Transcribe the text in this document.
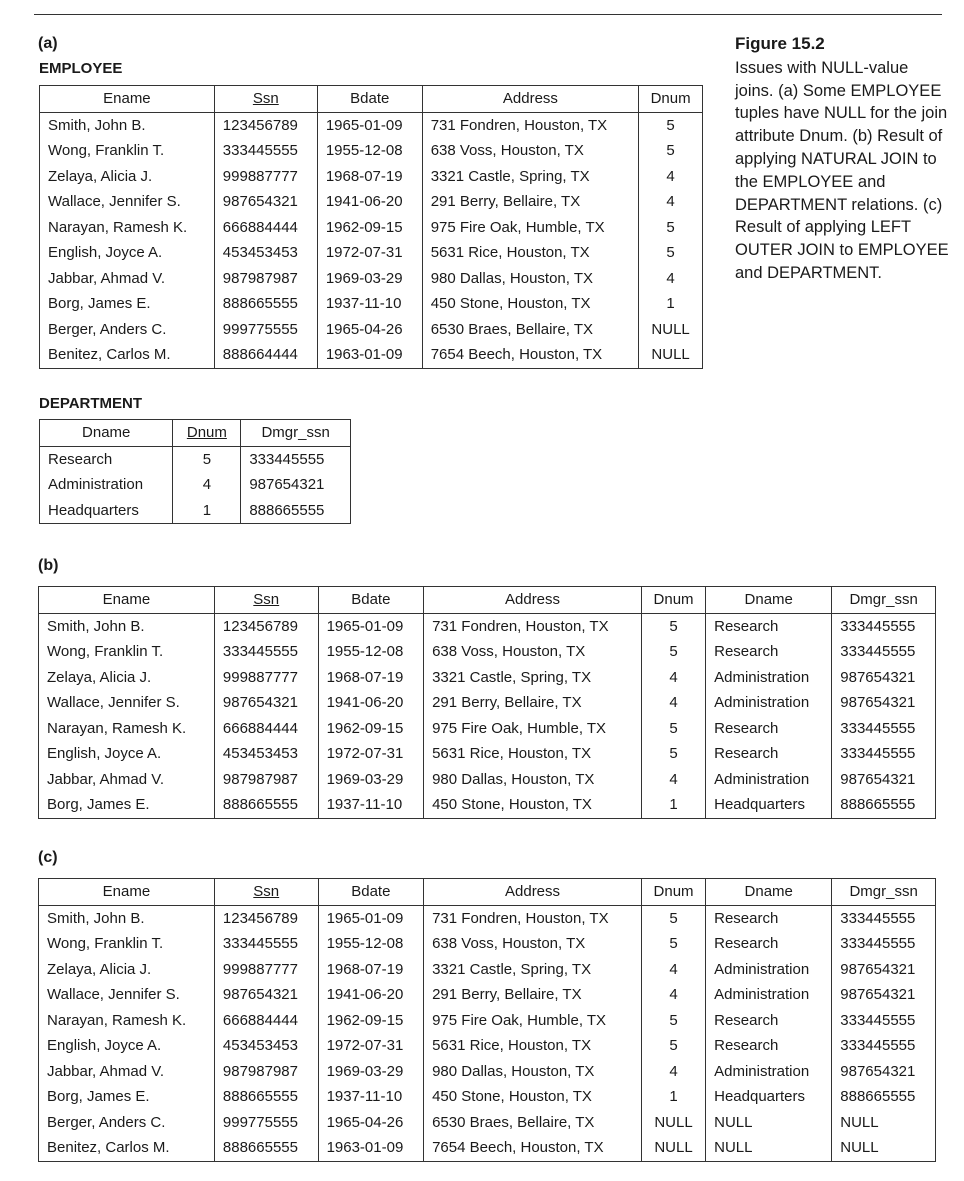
(a)
EMPLOYEE
Ename	Ssn	Bdate	Address	Dnum
Smith, John B.	123456789	1965-01-09	731 Fondren, Houston, TX	5
Wong, Franklin T.	333445555	1955-12-08	638 Voss, Houston, TX	5
Zelaya, Alicia J.	999887777	1968-07-19	3321 Castle, Spring, TX	4
Wallace, Jennifer S.	987654321	1941-06-20	291 Berry, Bellaire, TX	4
Narayan, Ramesh K.	666884444	1962-09-15	975 Fire Oak, Humble, TX	5
English, Joyce A.	453453453	1972-07-31	5631 Rice, Houston, TX	5
Jabbar, Ahmad V.	987987987	1969-03-29	980 Dallas, Houston, TX	4
Borg, James E.	888665555	1937-11-10	450 Stone, Houston, TX	1
Berger, Anders C.	999775555	1965-04-26	6530 Braes, Bellaire, TX	NULL
Benitez, Carlos M.	888664444	1963-01-09	7654 Beech, Houston, TX	NULL
DEPARTMENT
Dname	Dnum	Dmgr_ssn
Research	5	333445555
Administration	4	987654321
Headquarters	1	888665555
(b)
Ename	Ssn	Bdate	Address	Dnum	Dname	Dmgr_ssn
Smith, John B.	123456789	1965-01-09	731 Fondren, Houston, TX	5	Research	333445555
Wong, Franklin T.	333445555	1955-12-08	638 Voss, Houston, TX	5	Research	333445555
Zelaya, Alicia J.	999887777	1968-07-19	3321 Castle, Spring, TX	4	Administration	987654321
Wallace, Jennifer S.	987654321	1941-06-20	291 Berry, Bellaire, TX	4	Administration	987654321
Narayan, Ramesh K.	666884444	1962-09-15	975 Fire Oak, Humble, TX	5	Research	333445555
English, Joyce A.	453453453	1972-07-31	5631 Rice, Houston, TX	5	Research	333445555
Jabbar, Ahmad V.	987987987	1969-03-29	980 Dallas, Houston, TX	4	Administration	987654321
Borg, James E.	888665555	1937-11-10	450 Stone, Houston, TX	1	Headquarters	888665555
(c)
Ename	Ssn	Bdate	Address	Dnum	Dname	Dmgr_ssn
Smith, John B.	123456789	1965-01-09	731 Fondren, Houston, TX	5	Research	333445555
Wong, Franklin T.	333445555	1955-12-08	638 Voss, Houston, TX	5	Research	333445555
Zelaya, Alicia J.	999887777	1968-07-19	3321 Castle, Spring, TX	4	Administration	987654321
Wallace, Jennifer S.	987654321	1941-06-20	291 Berry, Bellaire, TX	4	Administration	987654321
Narayan, Ramesh K.	666884444	1962-09-15	975 Fire Oak, Humble, TX	5	Research	333445555
English, Joyce A.	453453453	1972-07-31	5631 Rice, Houston, TX	5	Research	333445555
Jabbar, Ahmad V.	987987987	1969-03-29	980 Dallas, Houston, TX	4	Administration	987654321
Borg, James E.	888665555	1937-11-10	450 Stone, Houston, TX	1	Headquarters	888665555
Berger, Anders C.	999775555	1965-04-26	6530 Braes, Bellaire, TX	NULL	NULL	NULL
Benitez, Carlos M.	888665555	1963-01-09	7654 Beech, Houston, TX	NULL	NULL	NULL
Figure 15.2
Issues with NULL-value joins. (a) Some EMPLOYEE tuples have NULL for the join attribute Dnum. (b) Result of applying NATURAL JOIN to the EMPLOYEE and DEPARTMENT relations. (c) Result of applying LEFT OUTER JOIN to EMPLOYEE and DEPARTMENT.
